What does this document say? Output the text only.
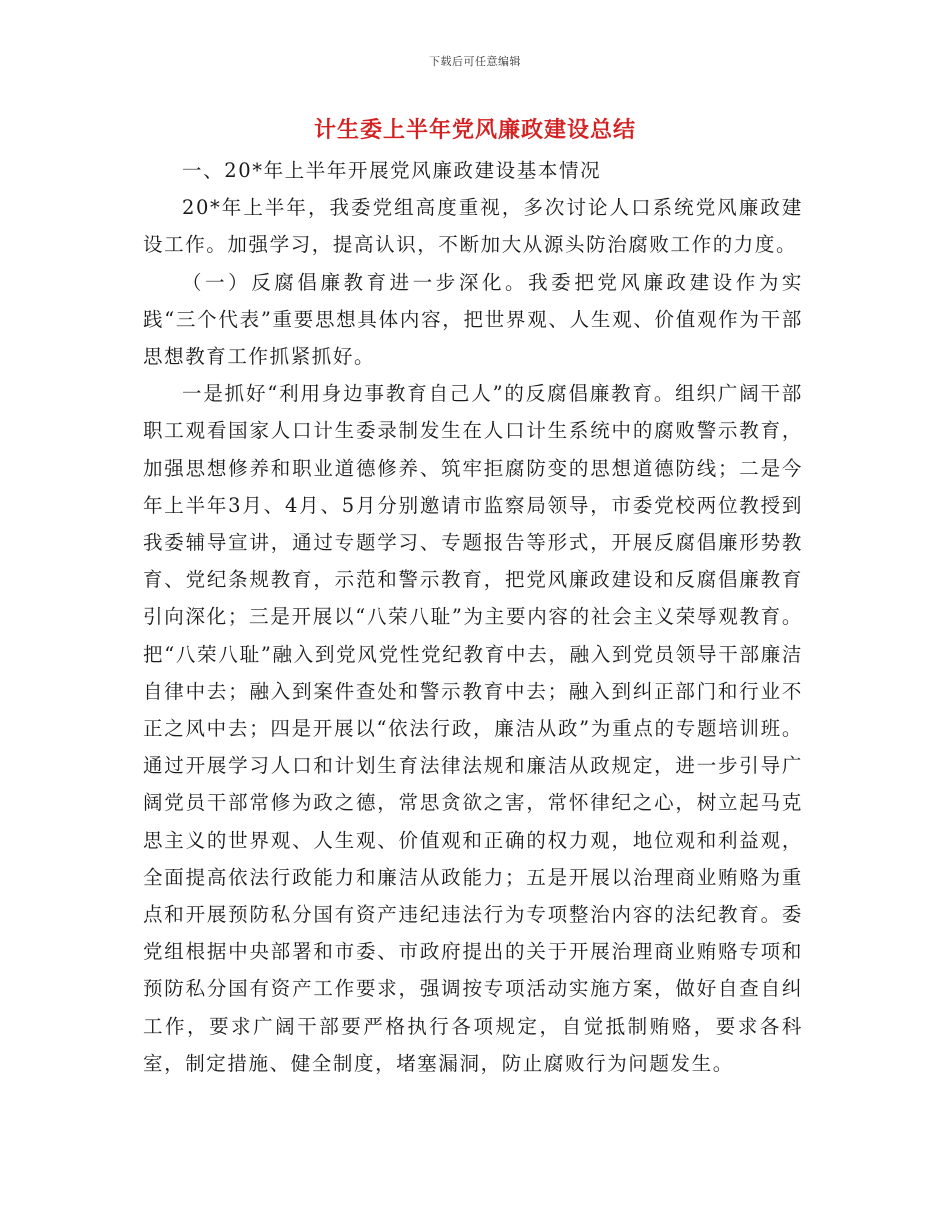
下载后可任意编辑
计生委上半年党风廉政建设总结

一、20*年上半年开展党风廉政建设基本情况

20*年上半年，我委党组高度重视，多次讨论人口系统党风廉政建设工作。加强学习，提高认识，不断加大从源头防治腐败工作的力度。

（一）反腐倡廉教育进一步深化。我委把党风廉政建设作为实践“三个代表”重要思想具体内容，把世界观、人生观、价值观作为干部思想教育工作抓紧抓好。

一是抓好“利用身边事教育自己人”的反腐倡廉教育。组织广阔干部职工观看国家人口计生委录制发生在人口计生系统中的腐败警示教育，加强思想修养和职业道德修养、筑牢拒腐防变的思想道德防线；二是今年上半年3月、4月、5月分别邀请市监察局领导，市委党校两位教授到我委辅导宣讲，通过专题学习、专题报告等形式，开展反腐倡廉形势教育、党纪条规教育，示范和警示教育，把党风廉政建设和反腐倡廉教育引向深化；三是开展以“八荣八耻”为主要内容的社会主义荣辱观教育。把“八荣八耻”融入到党风党性党纪教育中去，融入到党员领导干部廉洁自律中去；融入到案件查处和警示教育中去；融入到纠正部门和行业不正之风中去；四是开展以“依法行政，廉洁从政”为重点的专题培训班。通过开展学习人口和计划生育法律法规和廉洁从政规定，进一步引导广阔党员干部常修为政之德，常思贪欲之害，常怀律纪之心，树立起马克思主义的世界观、人生观、价值观和正确的权力观，地位观和利益观，全面提高依法行政能力和廉洁从政能力；五是开展以治理商业贿赂为重点和开展预防私分国有资产违纪违法行为专项整治内容的法纪教育。委党组根据中央部署和市委、市政府提出的关于开展治理商业贿赂专项和预防私分国有资产工作要求，强调按专项活动实施方案，做好自查自纠工作，要求广阔干部要严格执行各项规定，自觉抵制贿赂，要求各科室，制定措施、健全制度，堵塞漏洞，防止腐败行为问题发生。
